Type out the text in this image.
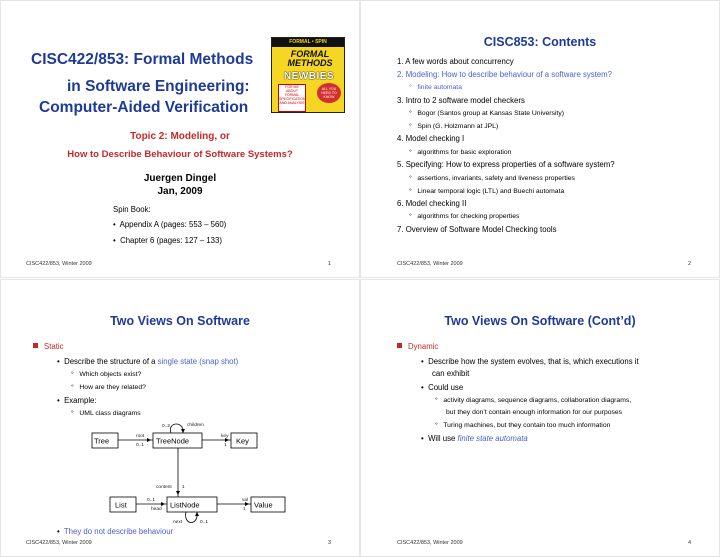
CISC422/853: Formal Methods
in Software Engineering:
Computer-Aided Verification
FORMAL • SPIN
FORMAL METHODS
NEWBIES
FOR ME ABOUT FORMAL SPECIFICATION AND ANALYSIS
ALL YOU NEED TO KNOW
Topic 2: Modeling, or
How to Describe Behaviour of Software Systems?
Juergen Dingel
Jan, 2009
Spin Book:
•  Appendix A (pages: 553 – 560)
•  Chapter 6 (pages: 127 – 133)
CISC422/853, Winter 2009	1
CISC853: Contents
1. A few words about concurrency
2. Modeling: How to describe behaviour of a software system?
°   finite automata
3. Intro to 2 software model checkers
°   Bogor (Santos group at Kansas State University)
°   Spin (G. Holzmann at JPL)
4. Model checking I
°   algorithms for basic exploration
5. Specifying: How to express properties of a software system?
°   assertions, invariants, safety and liveness properties
°   Linear temporal logic (LTL) and Buechi automata
6. Model checking II
°   algorithms for checking properties
7. Overview of Software Model Checking tools
CISC422/853, Winter 2009	2
Two Views On Software
Static
•  Describe the structure of a single state (snap shot)
°   Which objects exist?
°   How are they related?
•  Example:
°   UML class diagrams
Tree	TreeNode	Key
List	ListNode	Value
0..2	children
root
0..1
key
1
content 1
0..1
head
val
1
next	0..1
•  They do not describe behaviour
CISC422/853, Winter 2009	3
Two Views On Software (Cont’d)
Dynamic
•  Describe how the system evolves, that is, which executions it
can exhibit
•  Could use
°   activity diagrams, sequence diagrams, collaboration diagrams,
but they don’t contain enough information for our purposes
°   Turing machines, but they contain too much information
•  Will use finite state automata
CISC422/853, Winter 2009	4
